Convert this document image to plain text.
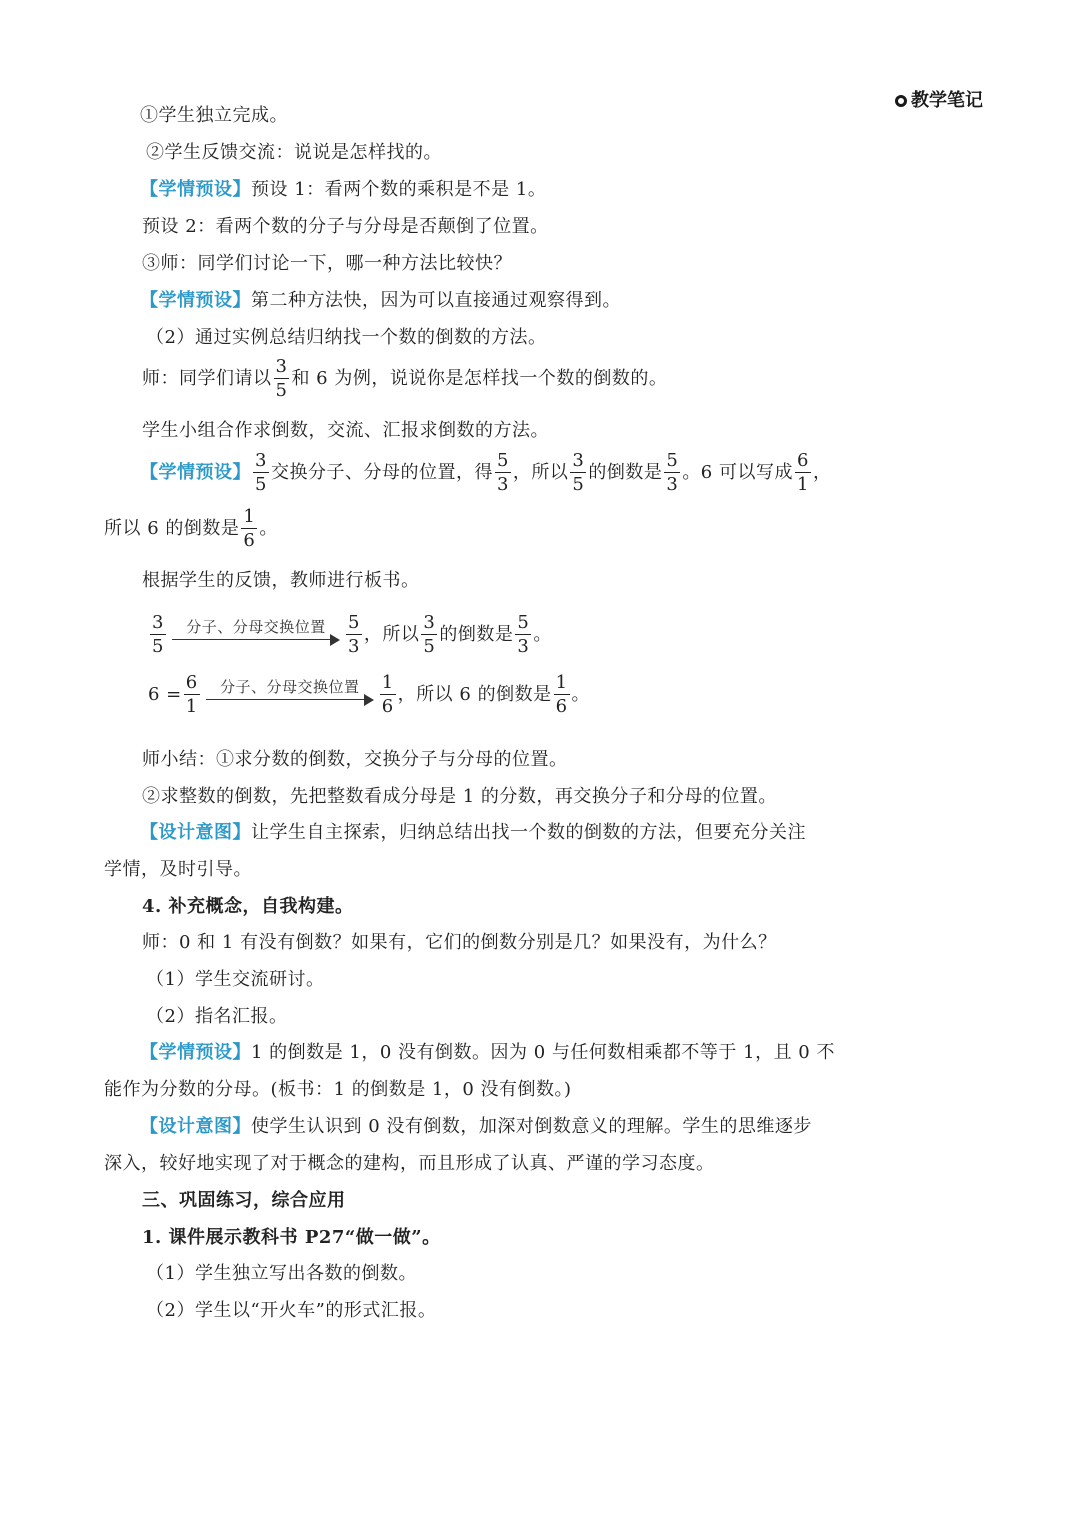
教学笔记
①学生独立完成。
②学生反馈交流：说说是怎样找的。
【学情预设】预设 1：看两个数的乘积是不是 1。
预设 2：看两个数的分子与分母是否颠倒了位置。
③师：同学们讨论一下，哪一种方法比较快？
【学情预设】第二种方法快，因为可以直接通过观察得到。
（2）通过实例总结归纳找一个数的倒数的方法。
师：同学们请以 $\frac{3}{5}$ 和 6 为例，说说你是怎样找一个数的倒数的。
学生小组合作求倒数，交流、汇报求倒数的方法。
【学情预设】 $\frac{3}{5}$ 交换分子、分母的位置，得 $\frac{5}{3}$ ，所以 $\frac{3}{5}$ 的倒数是 $\frac{5}{3}$ 。6 可以写成 $\frac{6}{1}$ ，
所以 6 的倒数是 $\frac{1}{6}$ 。
根据学生的反馈，教师进行板书。
$\frac{3}{5}$	分子、分母交换位置	$\frac{5}{3}$ ，所以 $\frac{3}{5}$ 的倒数是 $\frac{5}{3}$ 。
$6 = \frac{6}{1}$	分子、分母交换位置	$\frac{1}{6}$ ，所以 6 的倒数是 $\frac{1}{6}$ 。
师小结：①求分数的倒数，交换分子与分母的位置。
②求整数的倒数，先把整数看成分母是 1 的分数，再交换分子和分母的位置。
【设计意图】让学生自主探索，归纳总结出找一个数的倒数的方法，但要充分关注
学情，及时引导。
4. 补充概念，自我构建。
师：0 和 1 有没有倒数？如果有，它们的倒数分别是几？如果没有，为什么？
（1）学生交流研讨。
（2）指名汇报。
【学情预设】1 的倒数是 1，0 没有倒数。因为 0 与任何数相乘都不等于 1，且 0 不
能作为分数的分母。(板书：1 的倒数是 1，0 没有倒数。)
【设计意图】使学生认识到 0 没有倒数，加深对倒数意义的理解。学生的思维逐步
深入，较好地实现了对于概念的建构，而且形成了认真、严谨的学习态度。
三、巩固练习，综合应用
1. 课件展示教科书 P27“做一做”。
（1）学生独立写出各数的倒数。
（2）学生以“开火车”的形式汇报。
